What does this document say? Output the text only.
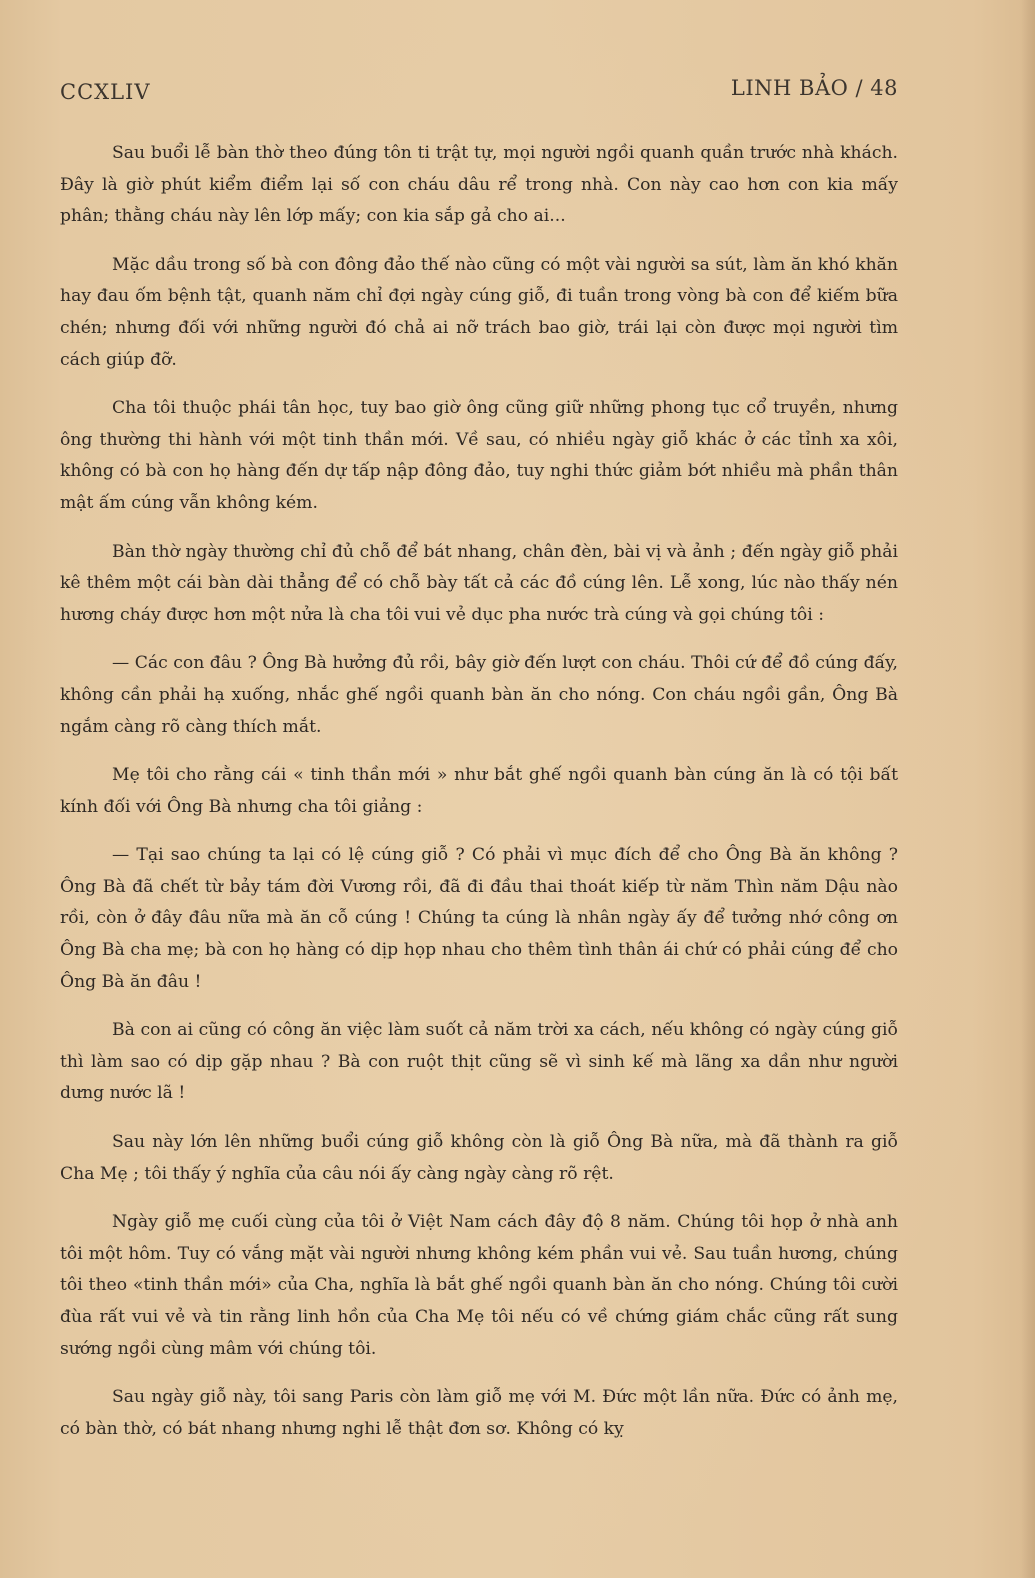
CCXLIV	LINH BẢO / 48

Sau buổi lễ bàn thờ theo đúng tôn ti trật tự, mọi người ngồi quanh quần trước nhà khách. Đây là giờ phút kiểm điểm lại số con cháu dâu rể trong nhà. Con này cao hơn con kia mấy phân; thằng cháu này lên lớp mấy; con kia sắp gả cho ai...

Mặc dầu trong số bà con đông đảo thế nào cũng có một vài người sa sút, làm ăn khó khăn hay đau ốm bệnh tật, quanh năm chỉ đợi ngày cúng giỗ, đi tuần trong vòng bà con để kiếm bữa chén; nhưng đối với những người đó chả ai nỡ trách bao giờ, trái lại còn được mọi người tìm cách giúp đỡ.

Cha tôi thuộc phái tân học, tuy bao giờ ông cũng giữ những phong tục cổ truyền, nhưng ông thường thi hành với một tinh thần mới. Về sau, có nhiều ngày giỗ khác ở các tỉnh xa xôi, không có bà con họ hàng đến dự tấp nập đông đảo, tuy nghi thức giảm bớt nhiều mà phần thân mật ấm cúng vẫn không kém.

Bàn thờ ngày thường chỉ đủ chỗ để bát nhang, chân đèn, bài vị và ảnh ; đến ngày giỗ phải kê thêm một cái bàn dài thẳng để có chỗ bày tất cả các đồ cúng lên. Lễ xong, lúc nào thấy nén hương cháy được hơn một nửa là cha tôi vui vẻ dục pha nước trà cúng và gọi chúng tôi :

— Các con đâu ? Ông Bà hưởng đủ rồi, bây giờ đến lượt con cháu. Thôi cứ để đồ cúng đấy, không cần phải hạ xuống, nhắc ghế ngồi quanh bàn ăn cho nóng. Con cháu ngồi gần, Ông Bà ngắm càng rõ càng thích mắt.

Mẹ tôi cho rằng cái « tinh thần mới » như bắt ghế ngồi quanh bàn cúng ăn là có tội bất kính đối với Ông Bà nhưng cha tôi giảng :

— Tại sao chúng ta lại có lệ cúng giỗ ? Có phải vì mục đích để cho Ông Bà ăn không ? Ông Bà đã chết từ bảy tám đời Vương rồi, đã đi đầu thai thoát kiếp từ năm Thìn năm Dậu nào rồi, còn ở đây đâu nữa mà ăn cỗ cúng ! Chúng ta cúng là nhân ngày ấy để tưởng nhớ công ơn Ông Bà cha mẹ; bà con họ hàng có dịp họp nhau cho thêm tình thân ái chứ có phải cúng để cho Ông Bà ăn đâu !

Bà con ai cũng có công ăn việc làm suốt cả năm trời xa cách, nếu không có ngày cúng giỗ thì làm sao có dịp gặp nhau ? Bà con ruột thịt cũng sẽ vì sinh kế mà lãng xa dần như người dưng nước lã !

Sau này lớn lên những buổi cúng giỗ không còn là giỗ Ông Bà nữa, mà đã thành ra giỗ Cha Mẹ ; tôi thấy ý nghĩa của câu nói ấy càng ngày càng rõ rệt.

Ngày giỗ mẹ cuối cùng của tôi ở Việt Nam cách đây độ 8 năm. Chúng tôi họp ở nhà anh tôi một hôm. Tuy có vắng mặt vài người nhưng không kém phần vui vẻ. Sau tuần hương, chúng tôi theo «tinh thần mới» của Cha, nghĩa là bắt ghế ngồi quanh bàn ăn cho nóng. Chúng tôi cười đùa rất vui vẻ và tin rằng linh hồn của Cha Mẹ tôi nếu có về chứng giám chắc cũng rất sung sướng ngồi cùng mâm với chúng tôi.

Sau ngày giỗ này, tôi sang Paris còn làm giỗ mẹ với M. Đức một lần nữa. Đức có ảnh mẹ, có bàn thờ, có bát nhang nhưng nghi lễ thật đơn sơ. Không có kỵ
